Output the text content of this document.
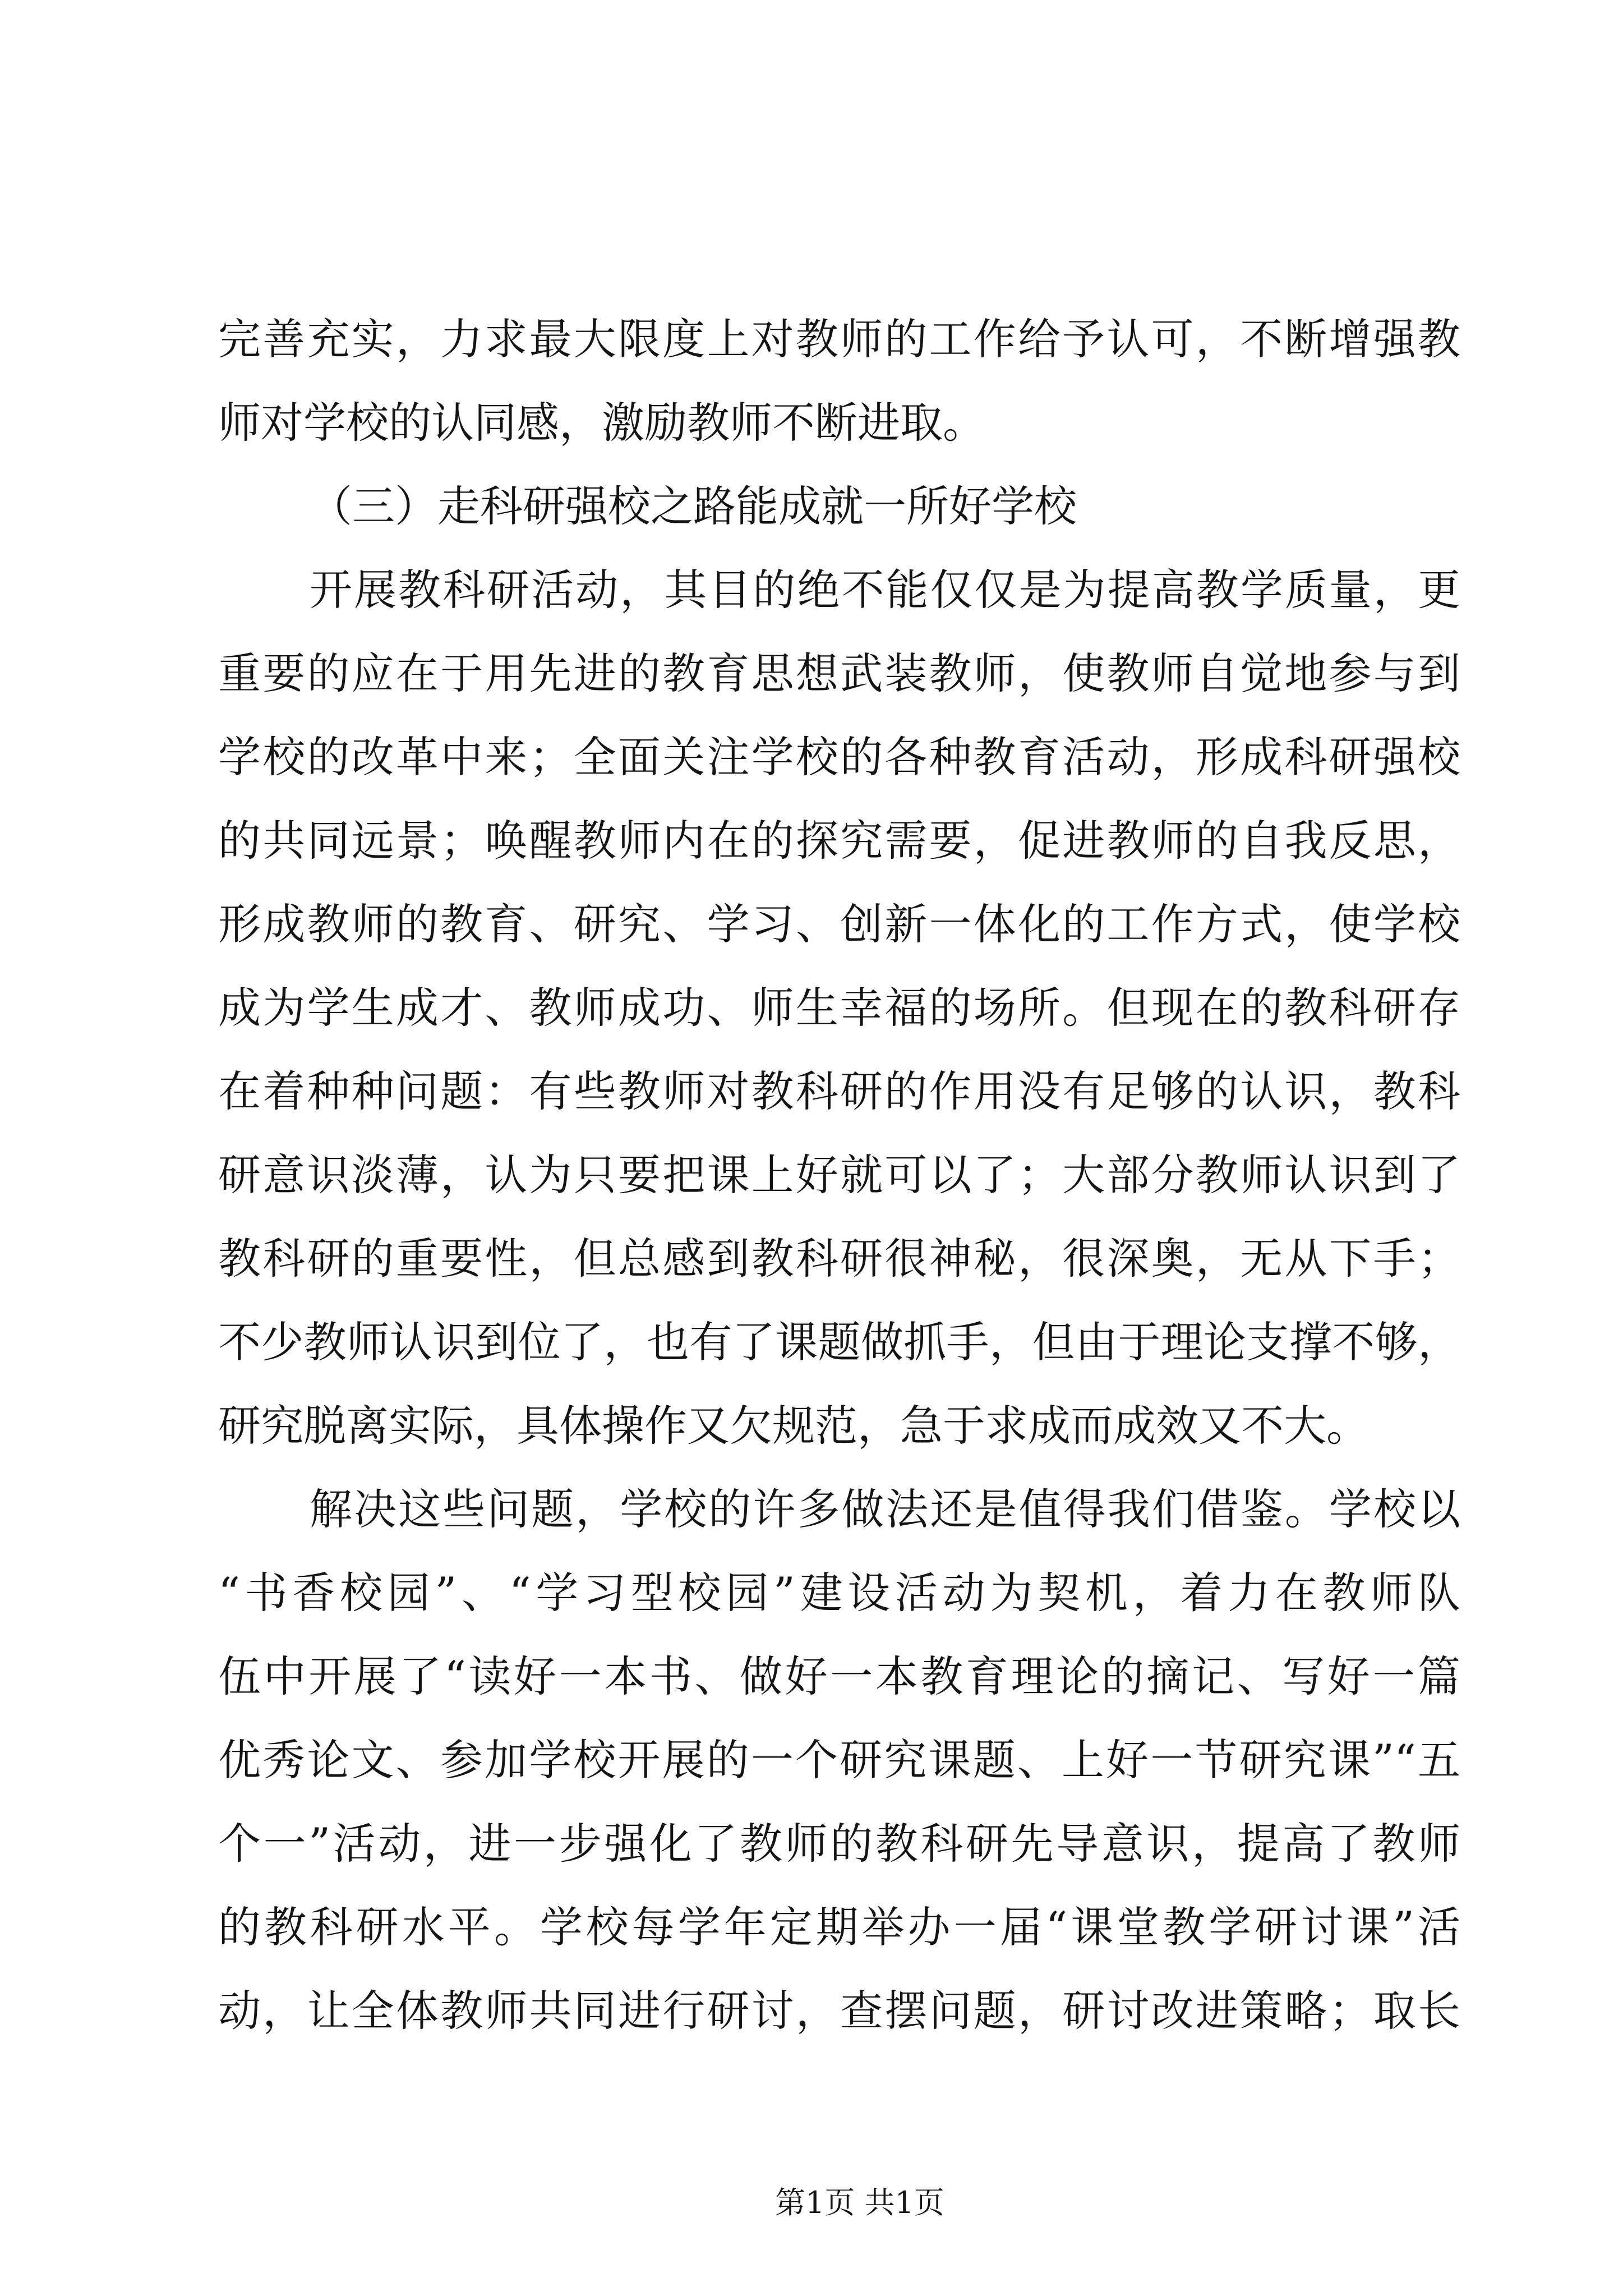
完善充实，力求最大限度上对教师的工作给予认可，不断增强教
师对学校的认同感，激励教师不断进取。
（三）走科研强校之路能成就一所好学校
开展教科研活动，其目的绝不能仅仅是为提高教学质量，更
重要的应在于用先进的教育思想武装教师，使教师自觉地参与到
学校的改革中来；全面关注学校的各种教育活动，形成科研强校
的共同远景；唤醒教师内在的探究需要，促进教师的自我反思，
形成教师的教育、研究、学习、创新一体化的工作方式，使学校
成为学生成才、教师成功、师生幸福的场所。但现在的教科研存
在着种种问题：有些教师对教科研的作用没有足够的认识，教科
研意识淡薄，认为只要把课上好就可以了；大部分教师认识到了
教科研的重要性，但总感到教科研很神秘，很深奥，无从下手；
不少教师认识到位了，也有了课题做抓手，但由于理论支撑不够，
研究脱离实际，具体操作又欠规范，急于求成而成效又不大。
解决这些问题，学校的许多做法还是值得我们借鉴。学校以
“书香校园”、“学习型校园”建设活动为契机，着力在教师队
伍中开展了“读好一本书、做好一本教育理论的摘记、写好一篇
优秀论文、参加学校开展的一个研究课题、上好一节研究课”“五
个一”活动，进一步强化了教师的教科研先导意识，提高了教师
的教科研水平。学校每学年定期举办一届“课堂教学研讨课”活
动，让全体教师共同进行研讨，查摆问题，研讨改进策略；取长
第1页 共1页
